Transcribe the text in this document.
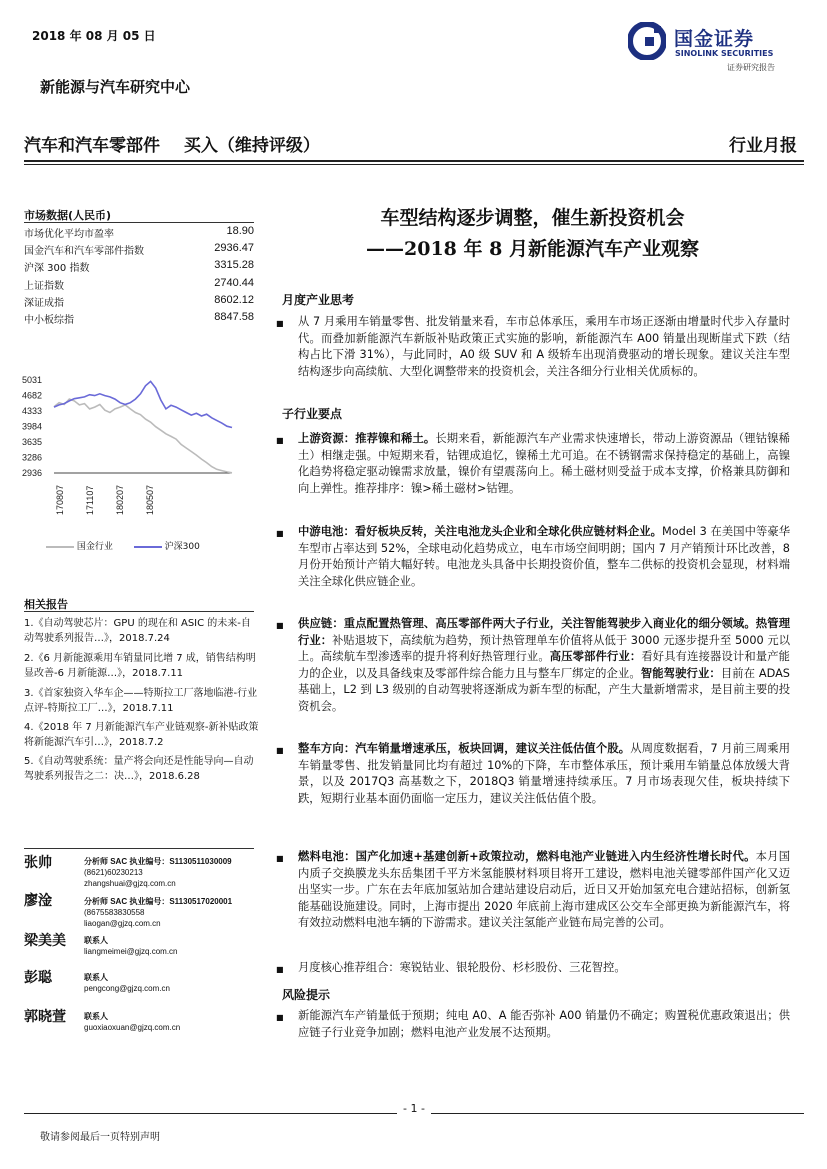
2018 年 08 月 05 日
新能源与汽车研究中心
汽车和汽车零部件 买入（维持评级）	行业月报
国金证券
SINOLINK SECURITIES
证券研究报告
市场数据(人民币)
市场优化平均市盈率	18.90
国金汽车和汽车零部件指数	2936.47
沪深 300 指数	3315.28
上证指数	2740.44
深证成指	8602.12
中小板综指	8847.58
5031
4682
4333
3984
3635
3286
2936
170807 171107 180207 180507
国金行业	沪深300
相关报告
1.《自动驾驶芯片：GPU 的现在和 ASIC 的未来-自动驾驶系列报告…》，2018.7.24
2.《6 月新能源乘用车销量同比增 7 成，销售结构明显改善-6 月新能源…》，2018.7.11
3.《首家独资入华车企——特斯拉工厂落地临港-行业点评-特斯拉工厂…》，2018.7.11
4.《2018 年 7 月新能源汽车产业链观察-新补贴政策将新能源汽车引…》，2018.7.2
5.《自动驾驶系统：量产将会向还是性能导向—自动驾驶系列报告之二：决…》，2018.6.28
张帅	分析师 SAC 执业编号：S1130511030009
(8621)60230213
zhangshuai@gjzq.com.cn
廖淦	分析师 SAC 执业编号：S1130517020001
(8675583830558
liaogan@gjzq.com.cn
梁美美 联系人
liangmeimei@gjzq.com.cn
彭聪	联系人
pengcong@gjzq.com.cn
郭晓萱 联系人
guoxiaoxuan@gjzq.com.cn
车型结构逐步调整，催生新投资机会
——2018 年 8 月新能源汽车产业观察
月度产业思考
■ 从 7 月乘用车销量零售、批发销量来看，车市总体承压，乘用车市场正逐渐由增量时代步入存量时代。而叠加新能源汽车新版补贴政策正式实施的影响，新能源汽车 A00 销量出现断崖式下跌（结构占比下滑 31%），与此同时，A0 级 SUV 和 A 级轿车出现消费驱动的增长现象。建议关注车型结构逐步向高续航、大型化调整带来的投资机会，关注各细分行业相关优质标的。
子行业要点
■ 上游资源：推荐镍和稀土。长期来看，新能源汽车产业需求快速增长，带动上游资源品（锂钴镍稀土）相继走强。中短期来看，钴锂成追忆，镍稀土尤可追。在不锈钢需求保持稳定的基础上，高镍化趋势将稳定驱动镍需求放量，镍价有望震荡向上。稀土磁材则受益于成本支撑，价格兼具防御和向上弹性。推荐排序：镍>稀土磁材>钴锂。
■ 中游电池：看好板块反转，关注电池龙头企业和全球化供应链材料企业。Model 3 在美国中等豪华车型市占率达到 52%，全球电动化趋势成立，电车市场空间明朗；国内 7 月产销预计环比改善，8 月份开始预计产销大幅好转。电池龙头具备中长期投资价值，整车二供标的投资机会显现，材料端关注全球化供应链企业。
■ 供应链：重点配置热管理、高压零部件两大子行业，关注智能驾驶步入商业化的细分领域。热管理行业：补贴退坡下，高续航为趋势，预计热管理单车价值将从低于 3000 元逐步提升至 5000 元以上。高续航车型渗透率的提升将利好热管理行业。高压零部件行业：看好具有连接器设计和量产能力的企业，以及具备线束及零部件综合能力且与整车厂绑定的企业。智能驾驶行业：目前在 ADAS 基础上，L2 到 L3 级别的自动驾驶将逐渐成为新车型的标配，产生大量新增需求，是目前主要的投资机会。
■ 整车方向：汽车销量增速承压，板块回调，建议关注低估值个股。从周度数据看，7 月前三周乘用车销量零售、批发销量同比均有超过 10%的下降，车市整体承压，预计乘用车销量总体放缓大背景，以及 2017Q3 高基数之下，2018Q3 销量增速持续承压。7 月市场表现欠佳，板块持续下跌，短期行业基本面仍面临一定压力，建议关注低估值个股。
■ 燃料电池：国产化加速+基建创新+政策拉动，燃料电池产业链进入内生经济性增长时代。本月国内质子交换膜龙头东岳集团千平方米氢能膜材料项目将开工建设，燃料电池关键零部件国产化又迈出坚实一步。广东在去年底加氢站加合建站建设启动后，近日又开始加氢充电合建站招标，创新氢能基础设施建设。同时，上海市提出 2020 年底前上海市建成区公交车全部更换为新能源汽车，将有效拉动燃料电池车辆的下游需求。建议关注氢能产业链布局完善的公司。
■ 月度核心推荐组合：寒锐钴业、银轮股份、杉杉股份、三花智控。
风险提示
■ 新能源汽车产销量低于预期；纯电 A0、A 能否弥补 A00 销量仍不确定；购置税优惠政策退出；供应链子行业竞争加剧；燃料电池产业发展不达预期。
- 1 -
敬请参阅最后一页特别声明
